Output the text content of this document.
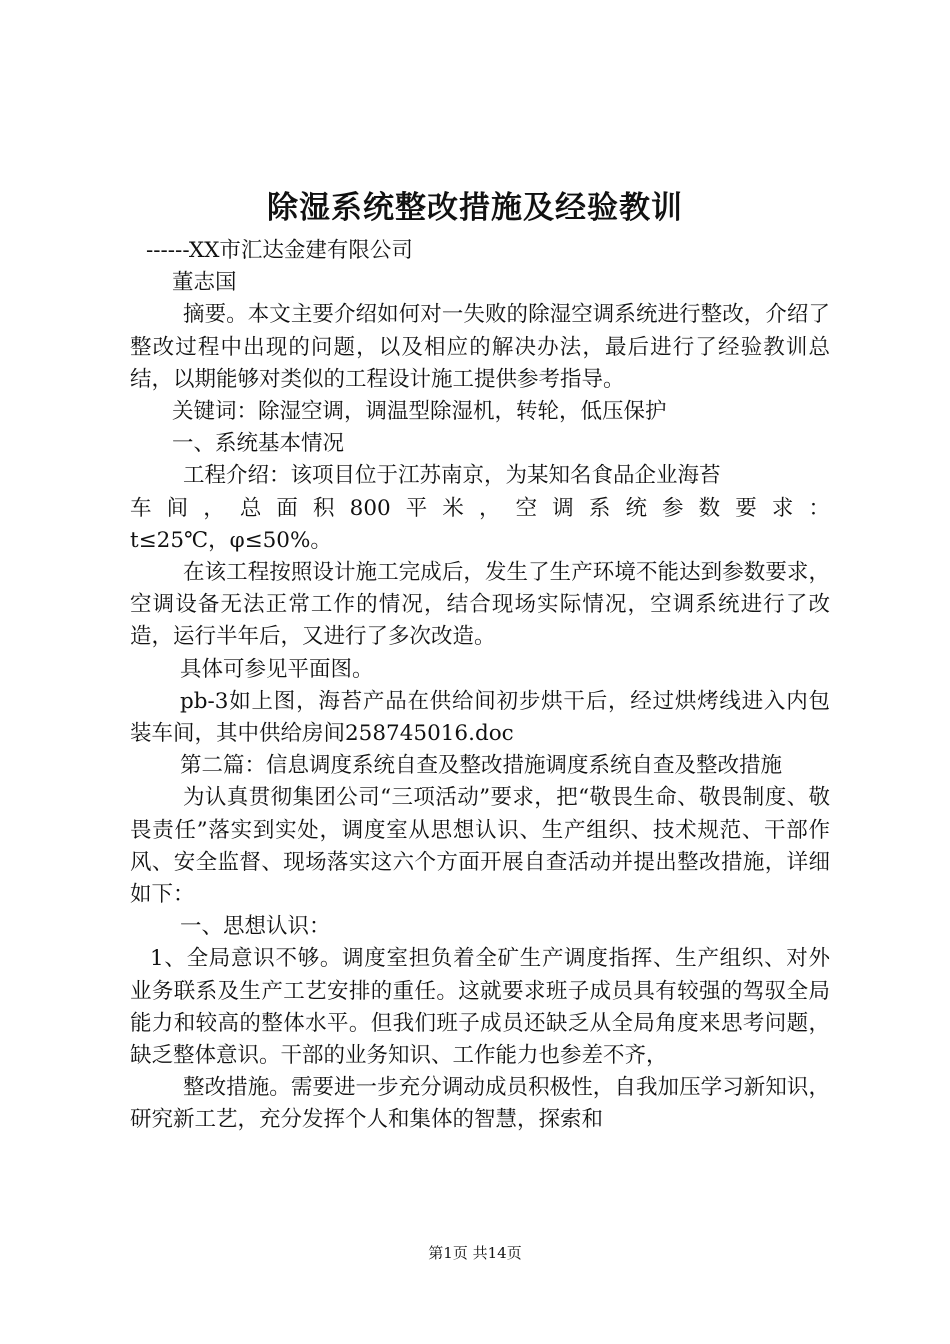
除湿系统整改措施及经验教训

------XX市汇达金建有限公司

董志国

摘要。本文主要介绍如何对一失败的除湿空调系统进行整改，介绍了整改过程中出现的问题，以及相应的解决办法，最后进行了经验教训总结，以期能够对类似的工程设计施工提供参考指导。

关键词：除湿空调，调温型除湿机，转轮，低压保护

一、系统基本情况

工程介绍：该项目位于江苏南京，为某知名食品企业海苔

车间，总面积800平米，空调系统参数要求：

t≤25℃，φ≤50%。

在该工程按照设计施工完成后，发生了生产环境不能达到参数要求，空调设备无法正常工作的情况，结合现场实际情况，空调系统进行了改造，运行半年后，又进行了多次改造。

具体可参见平面图。

pb-3如上图，海苔产品在供给间初步烘干后，经过烘烤线进入内包装车间，其中供给房间258745016.doc

第二篇：信息调度系统自查及整改措施调度系统自查及整改措施

为认真贯彻集团公司“三项活动”要求，把“敬畏生命、敬畏制度、敬畏责任”落实到实处，调度室从思想认识、生产组织、技术规范、干部作风、安全监督、现场落实这六个方面开展自查活动并提出整改措施，详细如下：

一、思想认识：

1、全局意识不够。调度室担负着全矿生产调度指挥、生产组织、对外业务联系及生产工艺安排的重任。这就要求班子成员具有较强的驾驭全局能力和较高的整体水平。但我们班子成员还缺乏从全局角度来思考问题，缺乏整体意识。干部的业务知识、工作能力也参差不齐，

整改措施。需要进一步充分调动成员积极性，自我加压学习新知识，研究新工艺，充分发挥个人和集体的智慧，探索和

第1页 共14页
